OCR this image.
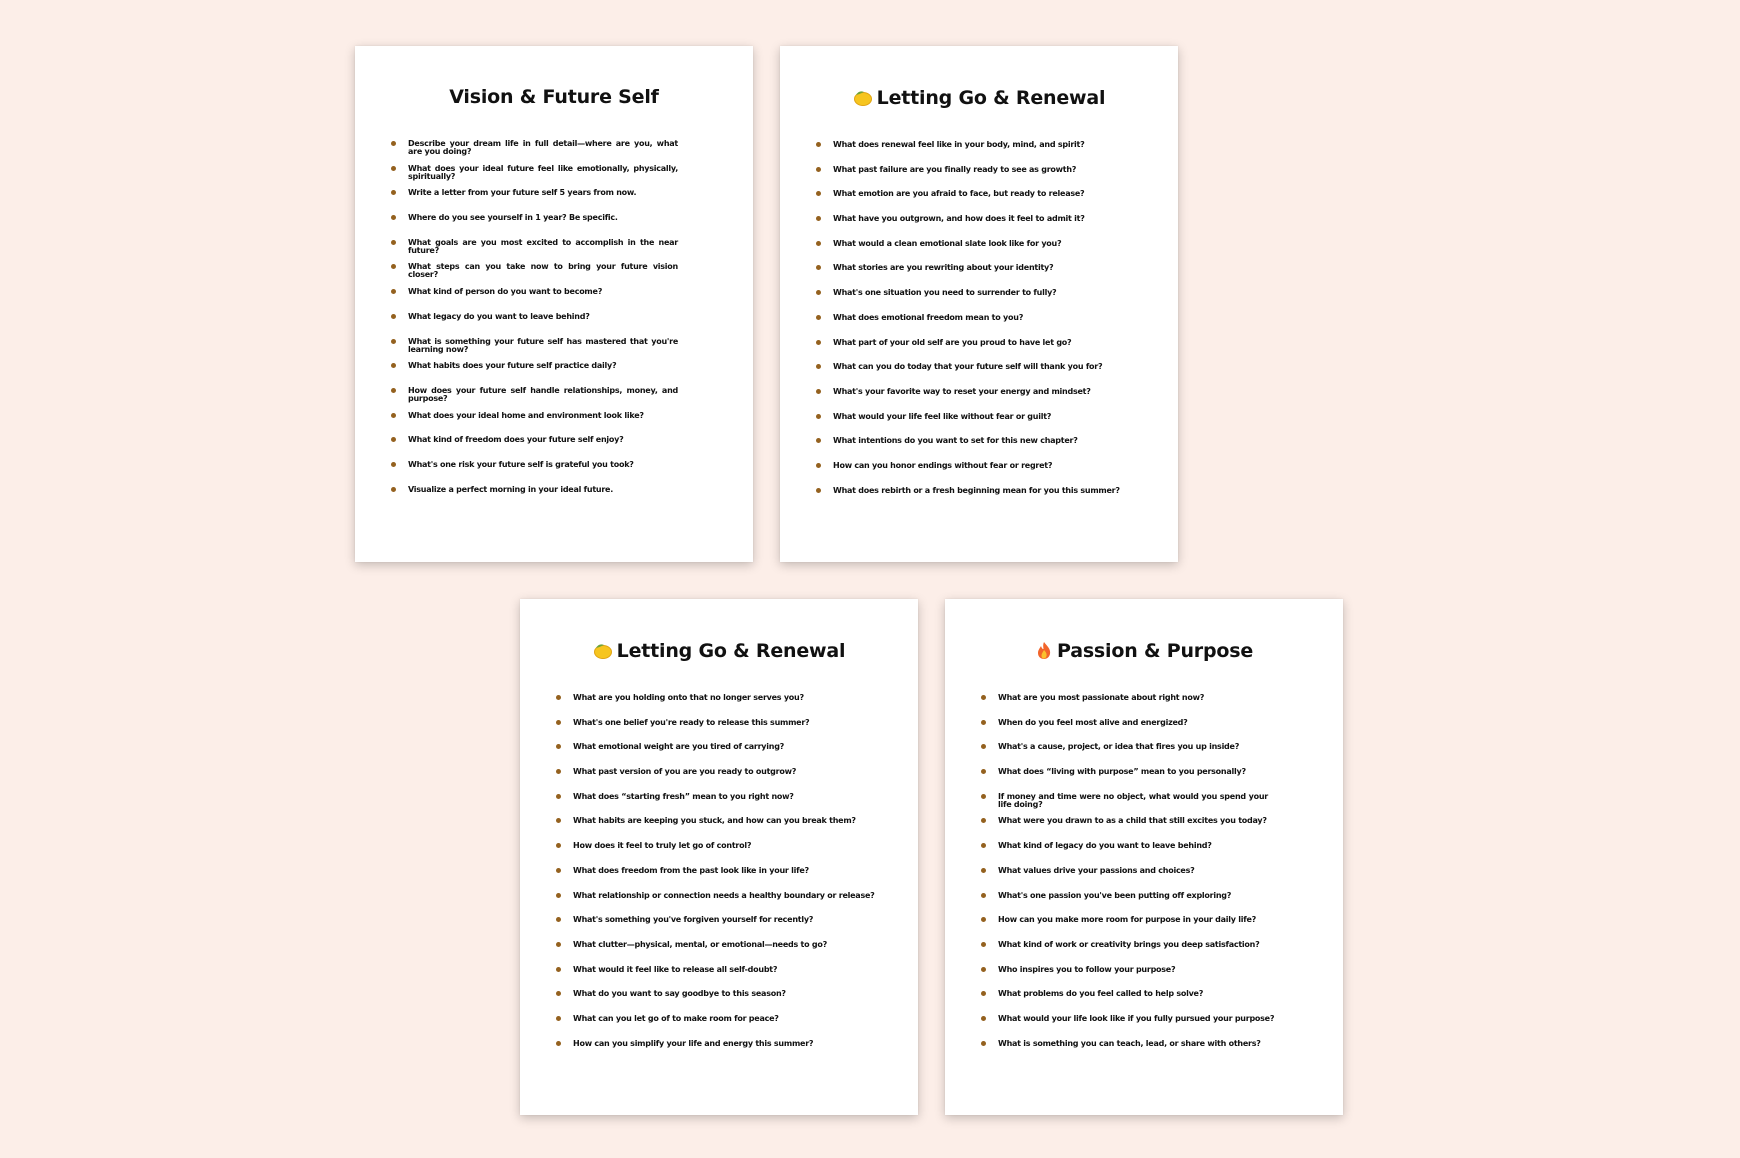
Vision & Future Self
Describe your dream life in full detail—where are you, what are you doing?
What does your ideal future feel like emotionally, physically, spiritually?
Write a letter from your future self 5 years from now.
Where do you see yourself in 1 year? Be specific.
What goals are you most excited to accomplish in the near future?
What steps can you take now to bring your future vision closer?
What kind of person do you want to become?
What legacy do you want to leave behind?
What is something your future self has mastered that you're learning now?
What habits does your future self practice daily?
How does your future self handle relationships, money, and purpose?
What does your ideal home and environment look like?
What kind of freedom does your future self enjoy?
What's one risk your future self is grateful you took?
Visualize a perfect morning in your ideal future.
Letting Go & Renewal
What does renewal feel like in your body, mind, and spirit?
What past failure are you finally ready to see as growth?
What emotion are you afraid to face, but ready to release?
What have you outgrown, and how does it feel to admit it?
What would a clean emotional slate look like for you?
What stories are you rewriting about your identity?
What's one situation you need to surrender to fully?
What does emotional freedom mean to you?
What part of your old self are you proud to have let go?
What can you do today that your future self will thank you for?
What's your favorite way to reset your energy and mindset?
What would your life feel like without fear or guilt?
What intentions do you want to set for this new chapter?
How can you honor endings without fear or regret?
What does rebirth or a fresh beginning mean for you this summer?
Letting Go & Renewal
What are you holding onto that no longer serves you?
What's one belief you're ready to release this summer?
What emotional weight are you tired of carrying?
What past version of you are you ready to outgrow?
What does “starting fresh” mean to you right now?
What habits are keeping you stuck, and how can you break them?
How does it feel to truly let go of control?
What does freedom from the past look like in your life?
What relationship or connection needs a healthy boundary or release?
What's something you've forgiven yourself for recently?
What clutter—physical, mental, or emotional—needs to go?
What would it feel like to release all self-doubt?
What do you want to say goodbye to this season?
What can you let go of to make room for peace?
How can you simplify your life and energy this summer?
Passion & Purpose
What are you most passionate about right now?
When do you feel most alive and energized?
What's a cause, project, or idea that fires you up inside?
What does “living with purpose” mean to you personally?
If money and time were no object, what would you spend your life doing?
What were you drawn to as a child that still excites you today?
What kind of legacy do you want to leave behind?
What values drive your passions and choices?
What's one passion you've been putting off exploring?
How can you make more room for purpose in your daily life?
What kind of work or creativity brings you deep satisfaction?
Who inspires you to follow your purpose?
What problems do you feel called to help solve?
What would your life look like if you fully pursued your purpose?
What is something you can teach, lead, or share with others?
